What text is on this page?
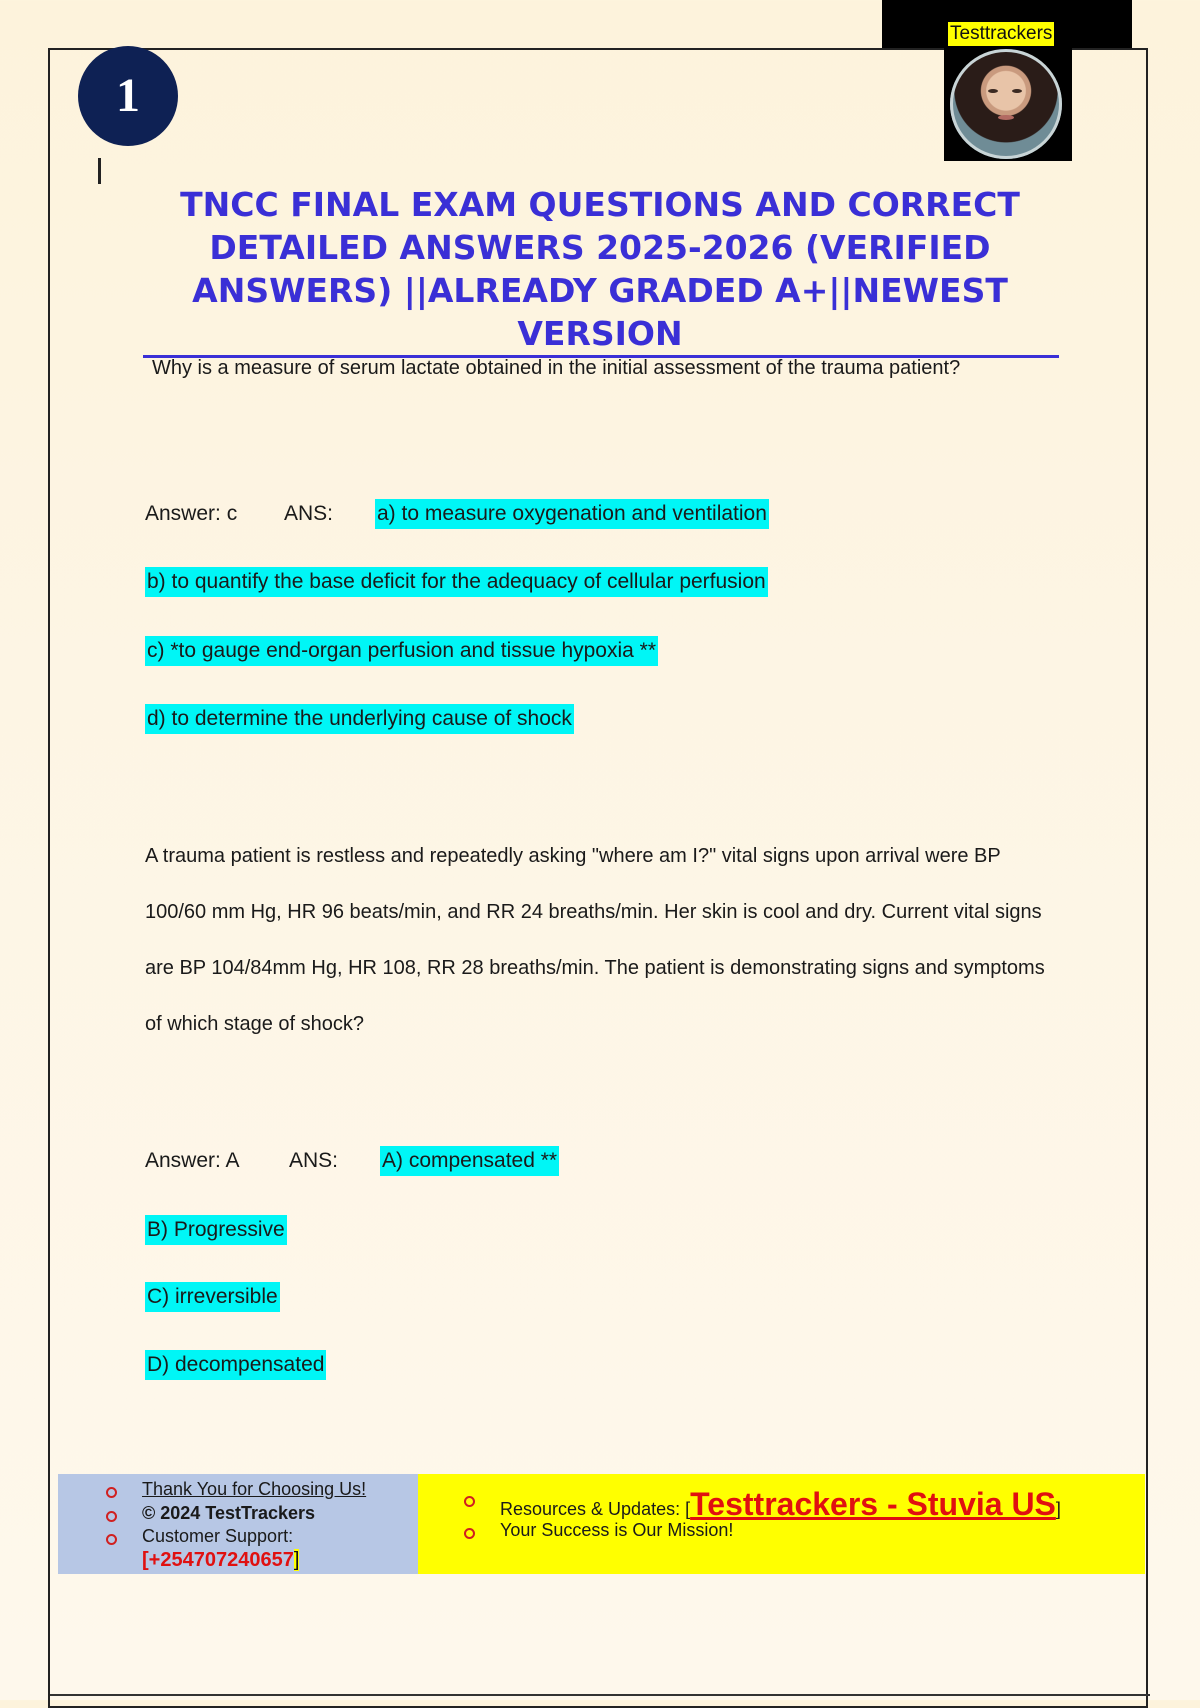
Testtrackers
1
TNCC FINAL EXAM QUESTIONS AND CORRECT DETAILED ANSWERS 2025-2026 (VERIFIED ANSWERS) ||ALREADY GRADED A+||NEWEST VERSION

Why is a measure of serum lactate obtained in the initial assessment of the trauma patient?

Answer: c ANS: a) to measure oxygenation and ventilation
b) to quantify the base deficit for the adequacy of cellular perfusion
c) *to gauge end-organ perfusion and tissue hypoxia **
d) to determine the underlying cause of shock

A trauma patient is restless and repeatedly asking "where am I?" vital signs upon arrival were BP 100/60 mm Hg, HR 96 beats/min, and RR 24 breaths/min. Her skin is cool and dry. Current vital signs are BP 104/84mm Hg, HR 108, RR 28 breaths/min. The patient is demonstrating signs and symptoms of which stage of shock?

Answer: A ANS: A) compensated **
B) Progressive
C) irreversible
D) decompensated
Thank You for Choosing Us!
© 2024 TestTrackers
Customer Support:
[+254707240657]
Resources & Updates: [Testtrackers - Stuvia US]
Your Success is Our Mission!
